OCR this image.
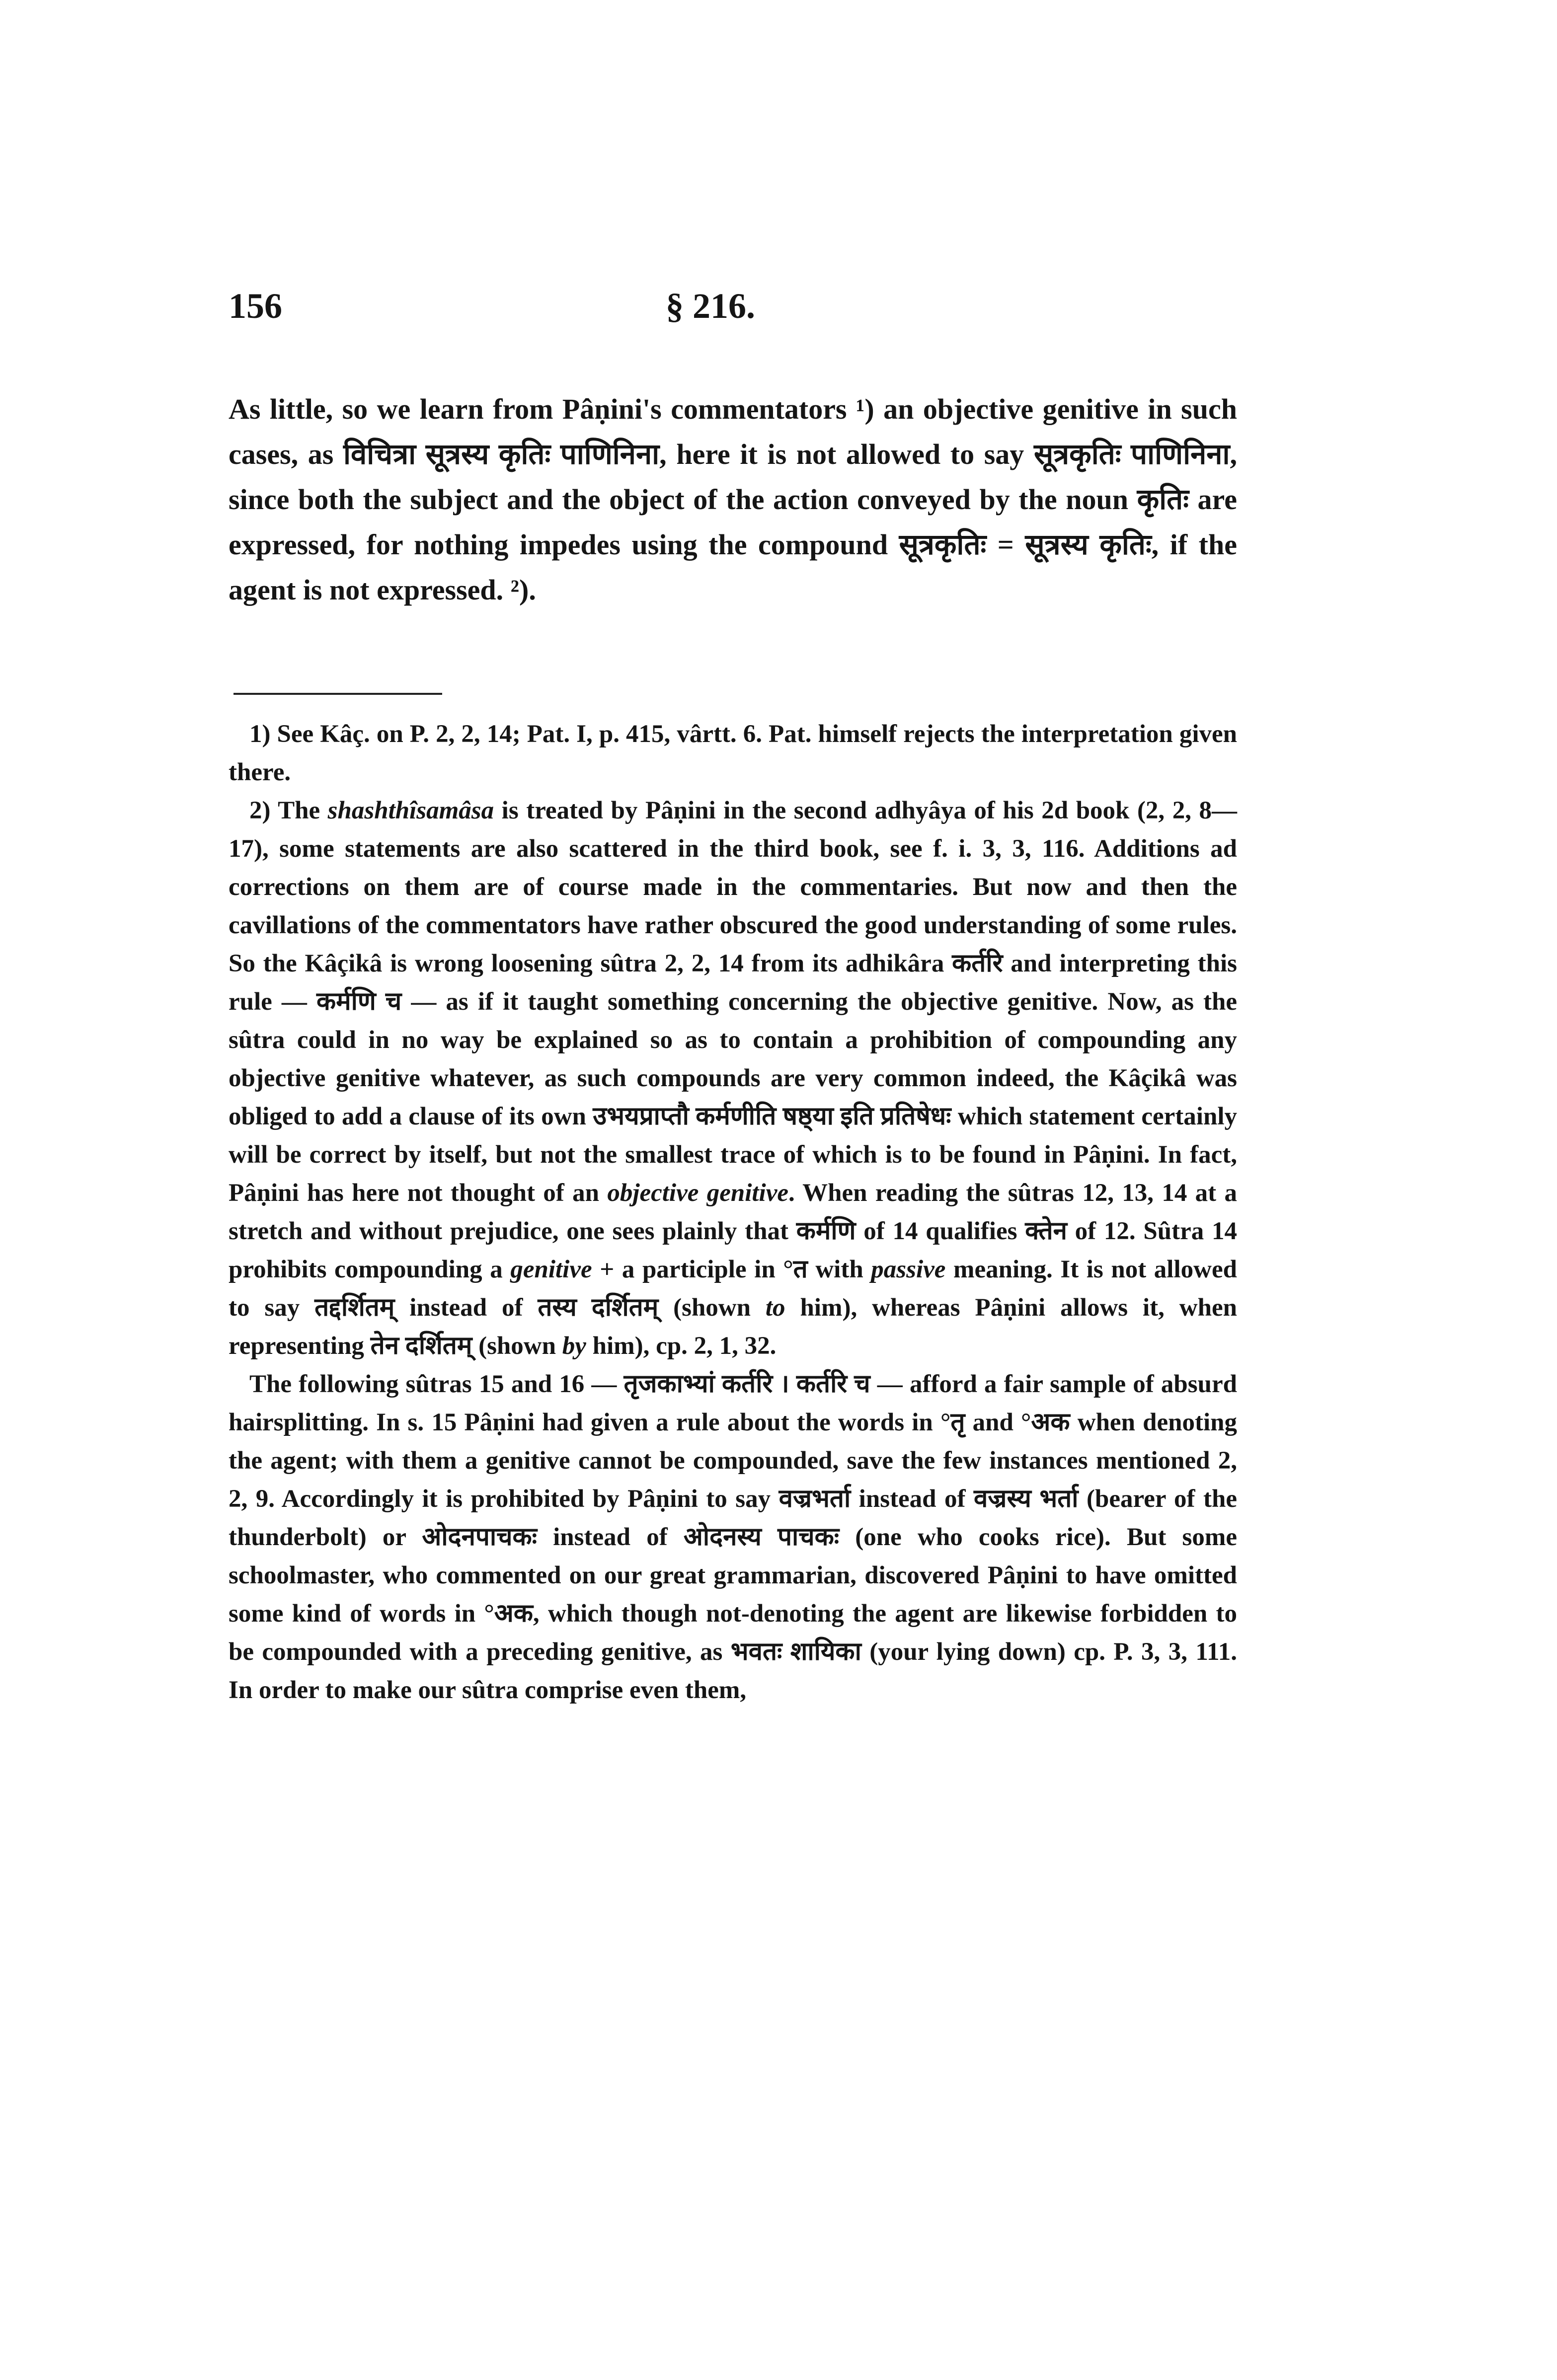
156	§ 216.

As little, so we learn from Pâṇini's commentators ¹) an objective genitive in such cases, as विचित्रा सूत्रस्य कृतिः पाणिनिना, here it is not allowed to say सूत्रकृतिः पाणिनिना, since both the subject and the object of the action conveyed by the noun कृतिः are expressed, for nothing impedes using the compound सूत्रकृतिः = सूत्रस्य कृतिः, if the agent is not expressed. ²).

1) See Kâç. on P. 2, 2, 14; Pat. I, p. 415, vârtt. 6. Pat. himself rejects the interpretation given there.

2) The shashthîsamâsa is treated by Pâṇini in the second adhyâya of his 2d book (2, 2, 8—17), some statements are also scattered in the third book, see f. i. 3, 3, 116. Additions ad corrections on them are of course made in the commentaries. But now and then the cavillations of the commentators have rather obscured the good understanding of some rules. So the Kâçikâ is wrong loosening sûtra 2, 2, 14 from its adhikâra कर्तरि and interpreting this rule — कर्मणि च — as if it taught something concerning the objective genitive. Now, as the sûtra could in no way be explained so as to contain a prohibition of compounding any objective genitive whatever, as such compounds are very common indeed, the Kâçikâ was obliged to add a clause of its own उभयप्राप्तौ कर्मणीति षष्ठ्या इति प्रतिषेधः which statement certainly will be correct by itself, but not the smallest trace of which is to be found in Pâṇini. In fact, Pâṇini has here not thought of an objective genitive. When reading the sûtras 12, 13, 14 at a stretch and without prejudice, one sees plainly that कर्मणि of 14 qualifies क्तेन of 12. Sûtra 14 prohibits compounding a genitive + a participle in °त with passive meaning. It is not allowed to say तद्दर्शितम् instead of तस्य दर्शितम् (shown to him), whereas Pâṇini allows it, when representing तेन दर्शितम् (shown by him), cp. 2, 1, 32.

The following sûtras 15 and 16 — तृजकाभ्यां कर्तरि । कर्तरि च — afford a fair sample of absurd hairsplitting. In s. 15 Pâṇini had given a rule about the words in °तृ and °अक when denoting the agent; with them a genitive cannot be compounded, save the few instances mentioned 2, 2, 9. Accordingly it is prohibited by Pâṇini to say वज्रभर्ता instead of वज्रस्य भर्ता (bearer of the thunderbolt) or ओदनपाचकः instead of ओदनस्य पाचकः (one who cooks rice). But some schoolmaster, who commented on our great grammarian, discovered Pâṇini to have omitted some kind of words in °अक, which though not-denoting the agent are likewise forbidden to be compounded with a preceding genitive, as भवतः शायिका (your lying down) cp. P. 3, 3, 111. In order to make our sûtra comprise even them,
